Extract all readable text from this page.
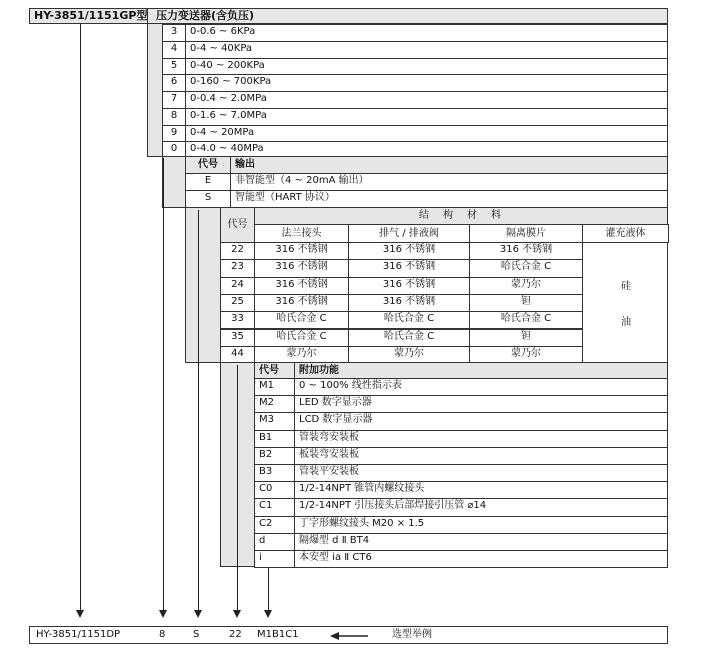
HY-3851/1151GP型 压力变送器(含负压)
3	0-0.6 ~ 6KPa
4	0-4 ~ 40KPa
5	0-40 ~ 200KPa
6	0-160 ~ 700KPa
7	0-0.4 ~ 2.0MPa
8	0-1.6 ~ 7.0MPa
9	0-4 ~ 20MPa
0	0-4.0 ~ 40MPa
代号	输出
E	非智能型（4 ~ 20mA 输出）
S	智能型（HART 协议）
代号
结　构　材　料
法兰接头	排气 / 排液阀	隔离膜片	灌充液体
22	316 不锈钢	316 不锈钢	316 不锈钢
23	316 不锈钢	316 不锈钢	哈氏合金 C
24	316 不锈钢	316 不锈钢	蒙乃尔
25	316 不锈钢	316 不锈钢	钽
33	哈氏合金 C	哈氏合金 C	哈氏合金 C
35	哈氏合金 C	哈氏合金 C	钽
44	蒙乃尔	蒙乃尔	蒙乃尔
硅
油
代号	附加功能
M1	0 ~ 100% 线性指示表
M2	LED 数字显示器
M3	LCD 数字显示器
B1	管装弯安装板
B2	板装弯安装板
B3	管装平安装板
C0	1/2-14NPT 锥管内螺纹接头
C1	1/2-14NPT 引压接头后部焊接引压管 ⌀14
C2	丁字形螺纹接头 M20 × 1.5
d	隔爆型 d Ⅱ BT4
i	本安型 ia Ⅱ CT6
HY-3851/1151DP	8	S	22 M1B1C1	选型举例
